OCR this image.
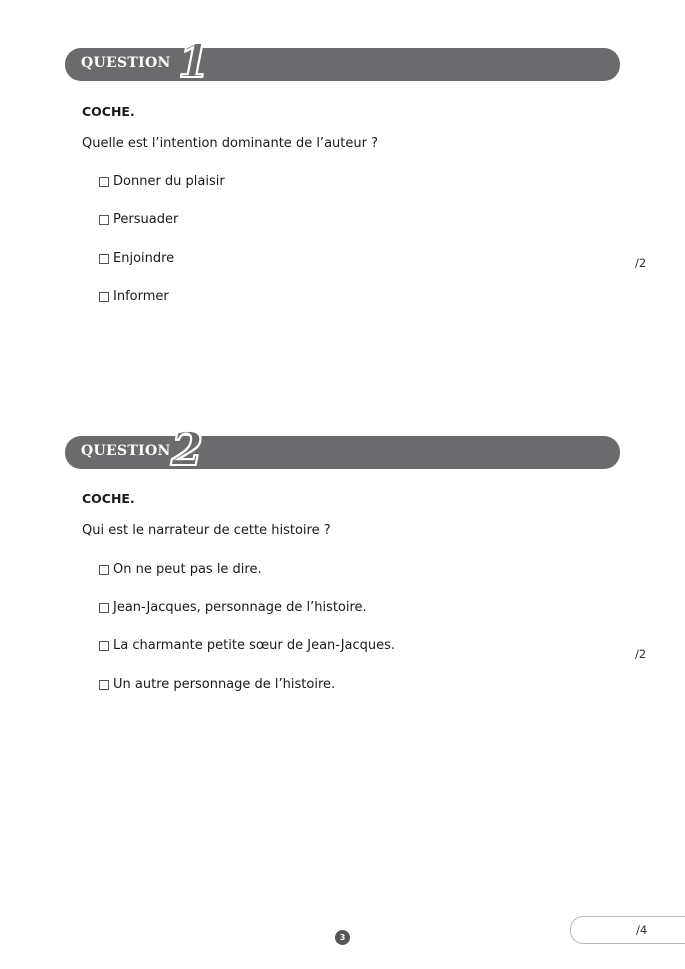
QUESTION 1
COCHE.
Quelle est l’intention dominante de l’auteur ?
Donner du plaisir
Persuader
Enjoindre
Informer
/2
QUESTION 2
COCHE.
Qui est le narrateur de cette histoire ?
On ne peut pas le dire.
Jean-Jacques, personnage de l’histoire.
La charmante petite sœur de Jean-Jacques.
Un autre personnage de l’histoire.
/2
/4
3
